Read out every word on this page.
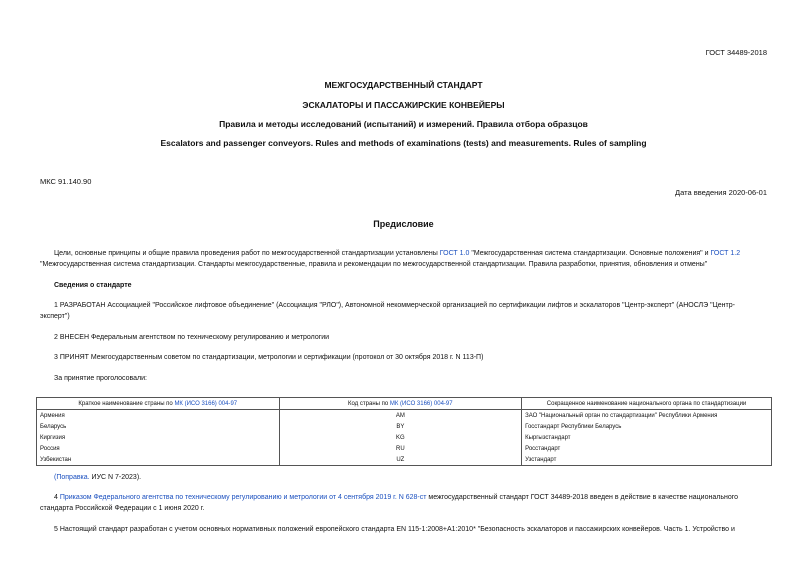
ГОСТ 34489-2018
МЕЖГОСУДАРСТВЕННЫЙ СТАНДАРТ
ЭСКАЛАТОРЫ И ПАССАЖИРСКИЕ КОНВЕЙЕРЫ
Правила и методы исследований (испытаний) и измерений. Правила отбора образцов
Escalators and passenger conveyors. Rules and methods of examinations (tests) and measurements. Rules of sampling
МКС 91.140.90
Дата введения 2020-06-01
Предисловие
Цели, основные принципы и общие правила проведения работ по межгосударственной стандартизации установлены ГОСТ 1.0 "Межгосударственная система стандартизации. Основные положения" и ГОСТ 1.2
"Межгосударственная система стандартизации. Стандарты межгосударственные, правила и рекомендации по межгосударственной стандартизации. Правила разработки, принятия, обновления и отмены"
Сведения о стандарте
1 РАЗРАБОТАН Ассоциацией "Российское лифтовое объединение" (Ассоциация "РЛО"), Автономной некоммерческой организацией по сертификации лифтов и эскалаторов "Центр-эксперт" (АНОСЛЭ "Центр-
эксперт")
2 ВНЕСЕН Федеральным агентством по техническому регулированию и метрологии
3 ПРИНЯТ Межгосударственным советом по стандартизации, метрологии и сертификации (протокол от 30 октября 2018 г. N 113-П)
За принятие проголосовали:
Краткое наименование страны по МК (ИСО 3166) 004-97	Код страны по МК (ИСО 3166) 004-97	Сокращенное наименование национального органа по стандартизации
Армения	AM	ЗАО "Национальный орган по стандартизации" Республики Армения
Беларусь	BY	Госстандарт Республики Беларусь
Киргизия	KG	Кыргызстандарт
Россия	RU	Росстандарт
Узбекистан	UZ	Узстандарт
(Поправка. ИУС N 7-2023).
4 Приказом Федерального агентства по техническому регулированию и метрологии от 4 сентября 2019 г. N 628-ст межгосударственный стандарт ГОСТ 34489-2018 введен в действие в качестве национального
стандарта Российской Федерации с 1 июня 2020 г.
5 Настоящий стандарт разработан с учетом основных нормативных положений европейского стандарта EN 115-1:2008+A1:2010* "Безопасность эскалаторов и пассажирских конвейеров. Часть 1. Устройство и
